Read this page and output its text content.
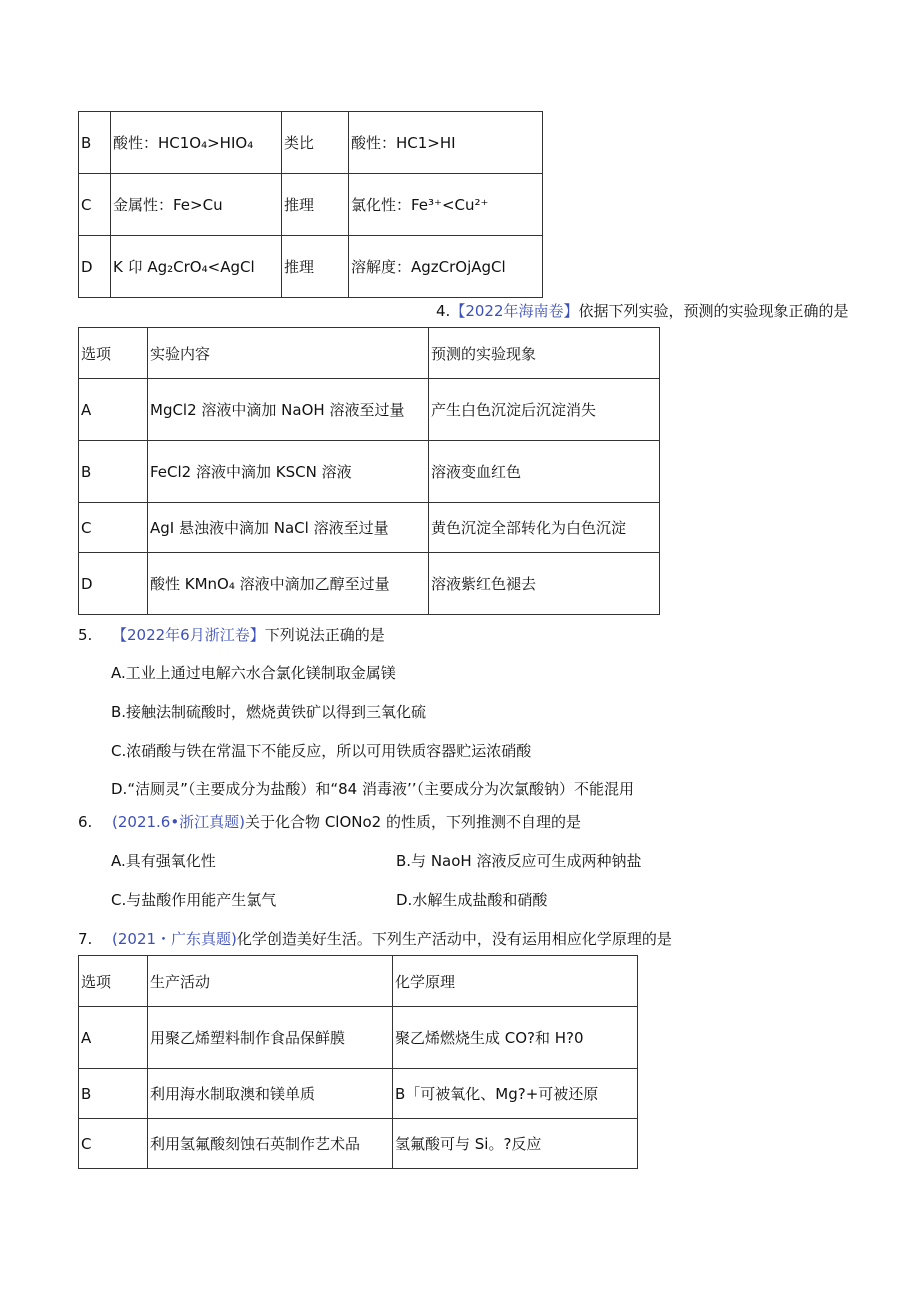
B	酸性：HC1O₄>HIO₄	类比	酸性：HC1>HI
C	金属性：Fe>Cu	推理	氯化性：Fe³⁺<Cu²⁺
D	K 卬 Ag₂CrO₄<AgCl	推理	溶解度：AgzCrOjAgCl
4.【2022年海南卷】依据下列实验，预测的实验现象正确的是
选项	实验内容	预测的实验现象
A	MgCl2 溶液中滴加 NaOH 溶液至过量	产生白色沉淀后沉淀消失
B	FeCl2 溶液中滴加 KSCN 溶液	溶液变血红色
C	AgI 悬浊液中滴加 NaCl 溶液至过量	黄色沉淀全部转化为白色沉淀
D	酸性 KMnO₄ 溶液中滴加乙醇至过量	溶液紫红色褪去
5. 【2022年6月浙江卷】下列说法正确的是
A.工业上通过电解六水合氯化镁制取金属镁
B.接触法制硫酸时，燃烧黄铁矿以得到三氧化硫
C.浓硝酸与铁在常温下不能反应，所以可用铁质容器贮运浓硝酸
D.“洁厕灵”（主要成分为盐酸）和“84 消毒液’’（主要成分为次氯酸钠）不能混用
6. (2021.6•浙江真题)关于化合物 ClONo2 的性质，下列推测不自理的是
A.具有强氧化性	B.与 NaoH 溶液反应可生成两种钠盐
C.与盐酸作用能产生氯气	D.水解生成盐酸和硝酸
7. (2021・广东真题)化学创造美好生活。下列生产活动中，没有运用相应化学原理的是
选项	生产活动	化学原理
A	用聚乙烯塑料制作食品保鲜膜	聚乙烯燃烧生成 CO?和 H?0
B	利用海水制取澳和镁单质	B「可被氧化、Mg?+可被还原
C	利用氢氟酸刻蚀石英制作艺术品	氢氟酸可与 Si。?反应
